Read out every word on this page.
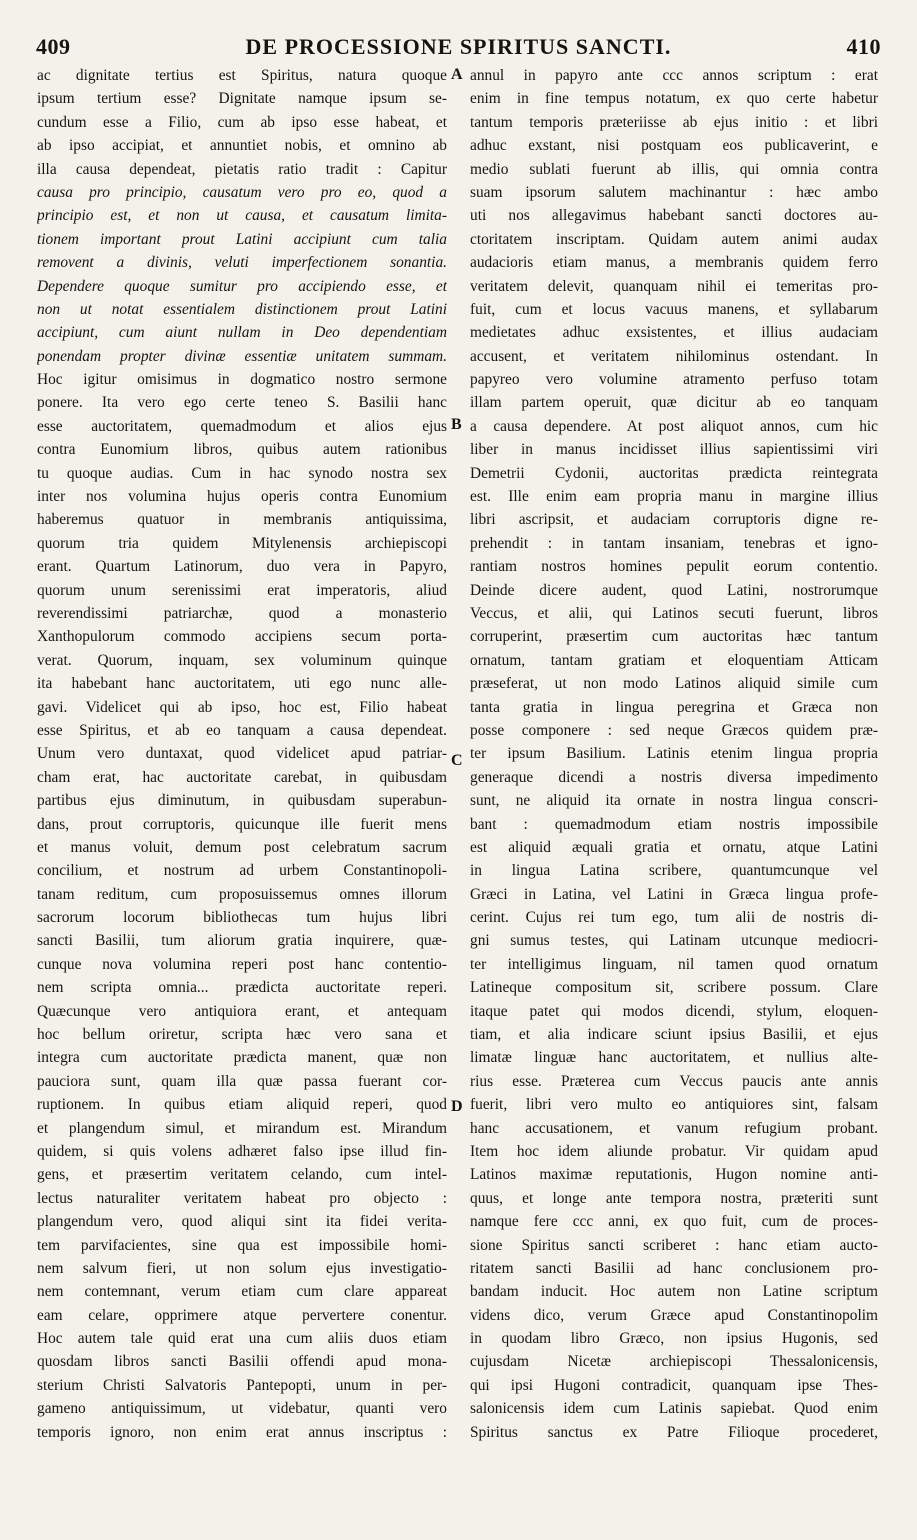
409	DE PROCESSIONE SPIRITUS SANCTI.	410
ac dignitate tertius est Spiritus, natura quoque
ipsum tertium esse? Dignitate namque ipsum se-
cundum esse a Filio, cum ab ipso esse habeat, et
ab ipso accipiat, et annuntiet nobis, et omnino ab
illa causa dependeat, pietatis ratio tradit : Capitur
causa pro principio, causatum vero pro eo, quod a
principio est, et non ut causa, et causatum limita-
tionem important prout Latini accipiunt cum talia
removent a divinis, veluti imperfectionem sonantia.
Dependere quoque sumitur pro accipiendo esse, et
non ut notat essentialem distinctionem prout Latini
accipiunt, cum aiunt nullam in Deo dependentiam
ponendam propter divinæ essentiæ unitatem summam.
Hoc igitur omisimus in dogmatico nostro sermone
ponere. Ita vero ego certe teneo S. Basilii hanc
esse auctoritatem, quemadmodum et alios ejus
contra Eunomium libros, quibus autem rationibus
tu quoque audias. Cum in hac synodo nostra sex
inter nos volumina hujus operis contra Eunomium
haberemus quatuor in membranis antiquissima,
quorum tria quidem Mitylenensis archiepiscopi
erant. Quartum Latinorum, duo vera in Papyro,
quorum unum serenissimi erat imperatoris, aliud
reverendissimi patriarchæ, quod a monasterio
Xanthopulorum commodo accipiens secum porta-
verat. Quorum, inquam, sex voluminum quinque
ita habebant hanc auctoritatem, uti ego nunc alle-
gavi. Videlicet qui ab ipso, hoc est, Filio habeat
esse Spiritus, et ab eo tanquam a causa dependeat.
Unum vero duntaxat, quod videlicet apud patriar-
cham erat, hac auctoritate carebat, in quibusdam
partibus ejus diminutum, in quibusdam superabun-
dans, prout corruptoris, quicunque ille fuerit mens
et manus voluit, demum post celebratum sacrum
concilium, et nostrum ad urbem Constantinopoli-
tanam reditum, cum proposuissemus omnes illorum
sacrorum locorum bibliothecas tum hujus libri
sancti Basilii, tum aliorum gratia inquirere, quæ-
cunque nova volumina reperi post hanc contentio-
nem scripta omnia... prædicta auctoritate reperi.
Quæcunque vero antiquiora erant, et antequam
hoc bellum oriretur, scripta hæc vero sana et
integra cum auctoritate prædicta manent, quæ non
pauciora sunt, quam illa quæ passa fuerant cor-
ruptionem. In quibus etiam aliquid reperi, quod
et plangendum simul, et mirandum est. Mirandum
quidem, si quis volens adhæret falso ipse illud fin-
gens, et præsertim veritatem celando, cum intel-
lectus naturaliter veritatem habeat pro objecto :
plangendum vero, quod aliqui sint ita fidei verita-
tem parvifacientes, sine qua est impossibile homi-
nem salvum fieri, ut non solum ejus investigatio-
nem contemnant, verum etiam cum clare appareat
eam celare, opprimere atque pervertere conentur.
Hoc autem tale quid erat una cum aliis duos etiam
quosdam libros sancti Basilii offendi apud mona-
sterium Christi Salvatoris Pantepopti, unum in per-
gameno antiquissimum, ut videbatur, quanti vero
temporis ignoro, non enim erat annus inscriptus :
annul in papyro ante ccc annos scriptum : erat
enim in fine tempus notatum, ex quo certe habetur
tantum temporis præteriisse ab ejus initio : et libri
adhuc exstant, nisi postquam eos publicaverint, e
medio sublati fuerunt ab illis, qui omnia contra
suam ipsorum salutem machinantur : hæc ambo
uti nos allegavimus habebant sancti doctores au-
ctoritatem inscriptam. Quidam autem animi audax
audacioris etiam manus, a membranis quidem ferro
veritatem delevit, quanquam nihil ei temeritas pro-
fuit, cum et locus vacuus manens, et syllabarum
medietates adhuc exsistentes, et illius audaciam
accusent, et veritatem nihilominus ostendant. In
papyreo vero volumine atramento perfuso totam
illam partem operuit, quæ dicitur ab eo tanquam
a causa dependere. At post aliquot annos, cum hic
liber in manus incidisset illius sapientissimi viri
Demetrii Cydonii, auctoritas prædicta reintegrata
est. Ille enim eam propria manu in margine illius
libri ascripsit, et audaciam corruptoris digne re-
prehendit : in tantam insaniam, tenebras et igno-
rantiam nostros homines pepulit eorum contentio.
Deinde dicere audent, quod Latini, nostrorumque
Veccus, et alii, qui Latinos secuti fuerunt, libros
corruperint, præsertim cum auctoritas hæc tantum
ornatum, tantam gratiam et eloquentiam Atticam
præseferat, ut non modo Latinos aliquid simile cum
tanta gratia in lingua peregrina et Græca non
posse componere : sed neque Græcos quidem præ-
ter ipsum Basilium. Latinis etenim lingua propria
generaque dicendi a nostris diversa impedimento
sunt, ne aliquid ita ornate in nostra lingua conscri-
bant : quemadmodum etiam nostris impossibile
est aliquid æquali gratia et ornatu, atque Latini
in lingua Latina scribere, quantumcunque vel
Græci in Latina, vel Latini in Græca lingua profe-
cerint. Cujus rei tum ego, tum alii de nostris di-
gni sumus testes, qui Latinam utcunque mediocri-
ter intelligimus linguam, nil tamen quod ornatum
Latineque compositum sit, scribere possum. Clare
itaque patet qui modos dicendi, stylum, eloquen-
tiam, et alia indicare sciunt ipsius Basilii, et ejus
limatæ linguæ hanc auctoritatem, et nullius alte-
rius esse. Præterea cum Veccus paucis ante annis
fuerit, libri vero multo eo antiquiores sint, falsam
hanc accusationem, et vanum refugium probant.
Item hoc idem aliunde probatur. Vir quidam apud
Latinos maximæ reputationis, Hugon nomine anti-
quus, et longe ante tempora nostra, præteriti sunt
namque fere ccc anni, ex quo fuit, cum de proces-
sione Spiritus sancti scriberet : hanc etiam aucto-
ritatem sancti Basilii ad hanc conclusionem pro-
bandam inducit. Hoc autem non Latine scriptum
videns dico, verum Græce apud Constantinopolim
in quodam libro Græco, non ipsius Hugonis, sed
cujusdam Nicetæ archiepiscopi Thessalonicensis,
qui ipsi Hugoni contradicit, quanquam ipse Thes-
salonicensis idem cum Latinis sapiebat. Quod enim
Spiritus sanctus ex Patre Filioque procederet,
A
B
C
D
